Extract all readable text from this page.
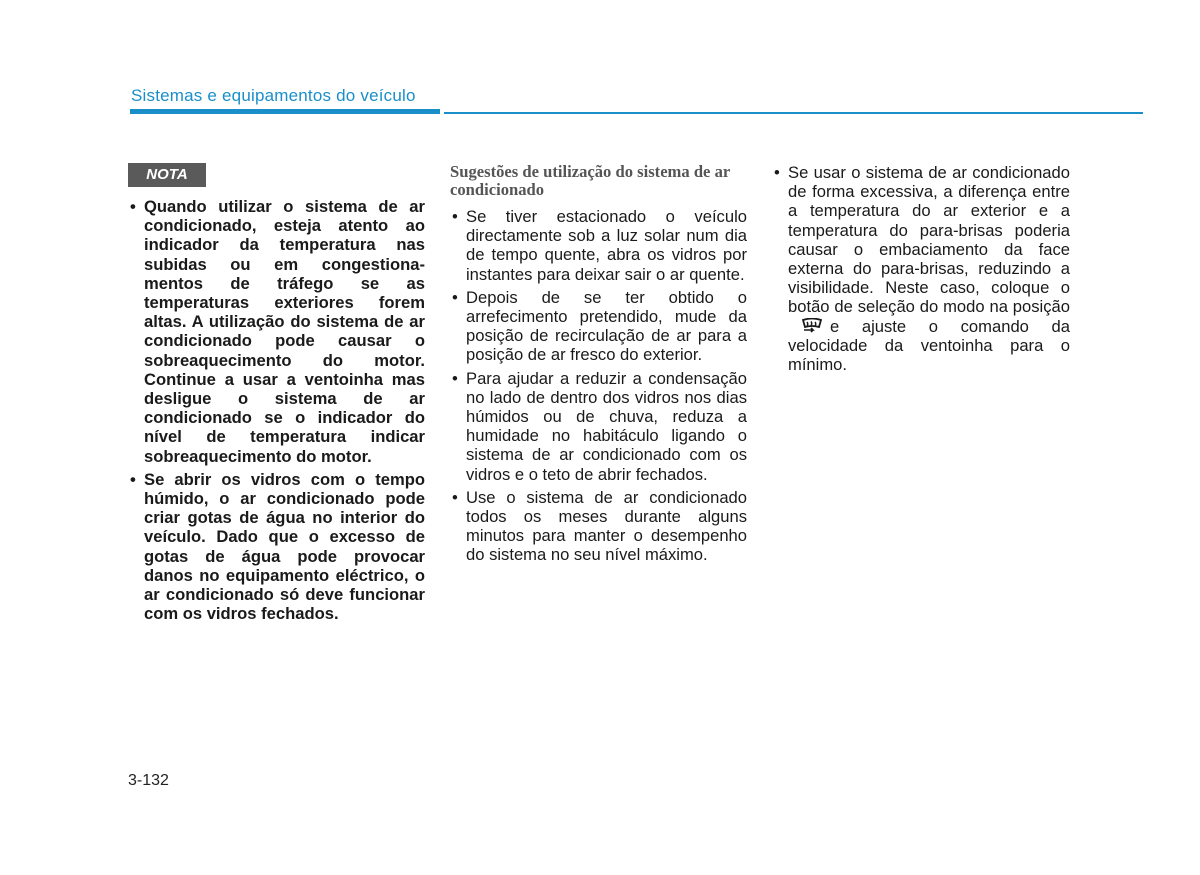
Sistemas e equipamentos do veículo
NOTA
• Quando utilizar o sistema de ar condicionado, esteja atento ao indicador da temperatura nas subidas ou em congestiona-mentos de tráfego se as temperaturas exteriores forem altas. A utilização do sistema de ar condicionado pode causar o sobreaquecimento do motor. Continue a usar a ventoinha mas desligue o sistema de ar condicionado se o indicador do nível de temperatura indicar sobreaquecimento do motor.
• Se abrir os vidros com o tempo húmido, o ar condicionado pode criar gotas de água no interior do veículo. Dado que o excesso de gotas de água pode provocar danos no equipamento eléctrico, o ar condicionado só deve funcionar com os vidros fechados.
Sugestões de utilização do sistema de ar condicionado
• Se tiver estacionado o veículo directamente sob a luz solar num dia de tempo quente, abra os vidros por instantes para deixar sair o ar quente.
• Depois de se ter obtido o arrefecimento pretendido, mude da posição de recirculação de ar para a posição de ar fresco do exterior.
• Para ajudar a reduzir a condensação no lado de dentro dos vidros nos dias húmidos ou de chuva, reduza a humidade no habitáculo ligando o sistema de ar condicionado com os vidros e o teto de abrir fechados.
• Use o sistema de ar condicionado todos os meses durante alguns minutos para manter o desempenho do sistema no seu nível máximo.
• Se usar o sistema de ar condicionado de forma excessiva, a diferença entre a temperatura do ar exterior e a temperatura do para-brisas poderia causar o embaciamento da face externa do para-brisas, reduzindo a visibilidade. Neste caso, coloque o botão de seleção do modo na posiçãoe ajuste o comando da velocidade da ventoinha para o mínimo.
3-132
